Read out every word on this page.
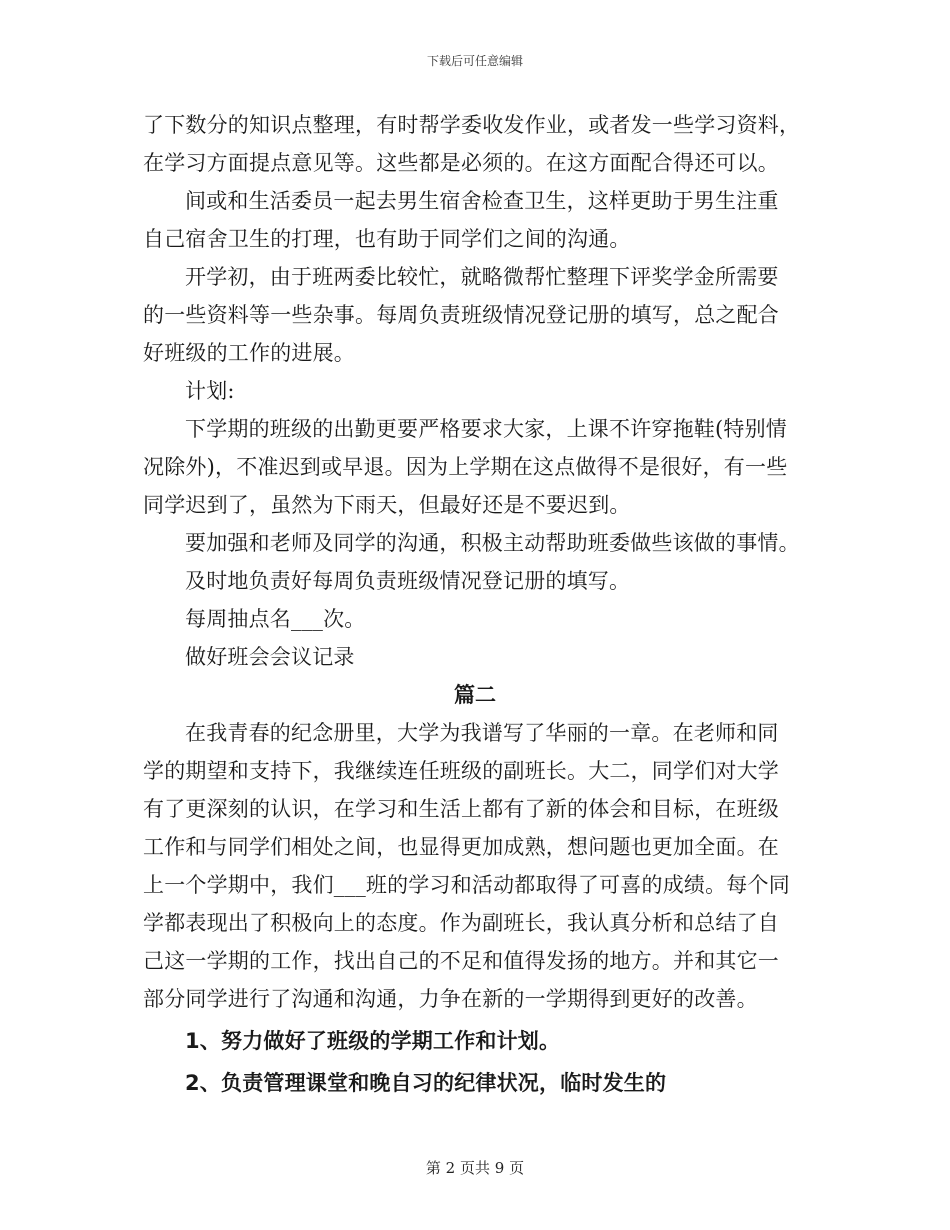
下载后可任意编辑
了下数分的知识点整理，有时帮学委收发作业，或者发一些学习资料，
在学习方面提点意见等。这些都是必须的。在这方面配合得还可以。
间或和生活委员一起去男生宿舍检查卫生，这样更助于男生注重
自己宿舍卫生的打理，也有助于同学们之间的沟通。
开学初，由于班两委比较忙，就略微帮忙整理下评奖学金所需要
的一些资料等一些杂事。每周负责班级情况登记册的填写，总之配合
好班级的工作的进展。
计划:
下学期的班级的出勤更要严格要求大家，上课不许穿拖鞋(特别情
况除外)，不准迟到或早退。因为上学期在这点做得不是很好，有一些
同学迟到了，虽然为下雨天，但最好还是不要迟到。
要加强和老师及同学的沟通，积极主动帮助班委做些该做的事情。
及时地负责好每周负责班级情况登记册的填写。
每周抽点名___次。
做好班会会议记录
篇二
在我青春的纪念册里，大学为我谱写了华丽的一章。在老师和同
学的期望和支持下，我继续连任班级的副班长。大二，同学们对大学
有了更深刻的认识，在学习和生活上都有了新的体会和目标，在班级
工作和与同学们相处之间，也显得更加成熟，想问题也更加全面。在
上一个学期中，我们___班的学习和活动都取得了可喜的成绩。每个同
学都表现出了积极向上的态度。作为副班长，我认真分析和总结了自
己这一学期的工作，找出自己的不足和值得发扬的地方。并和其它一
部分同学进行了沟通和沟通，力争在新的一学期得到更好的改善。
1、努力做好了班级的学期工作和计划。
2、负责管理课堂和晚自习的纪律状况，临时发生的
第 2 页共 9 页
